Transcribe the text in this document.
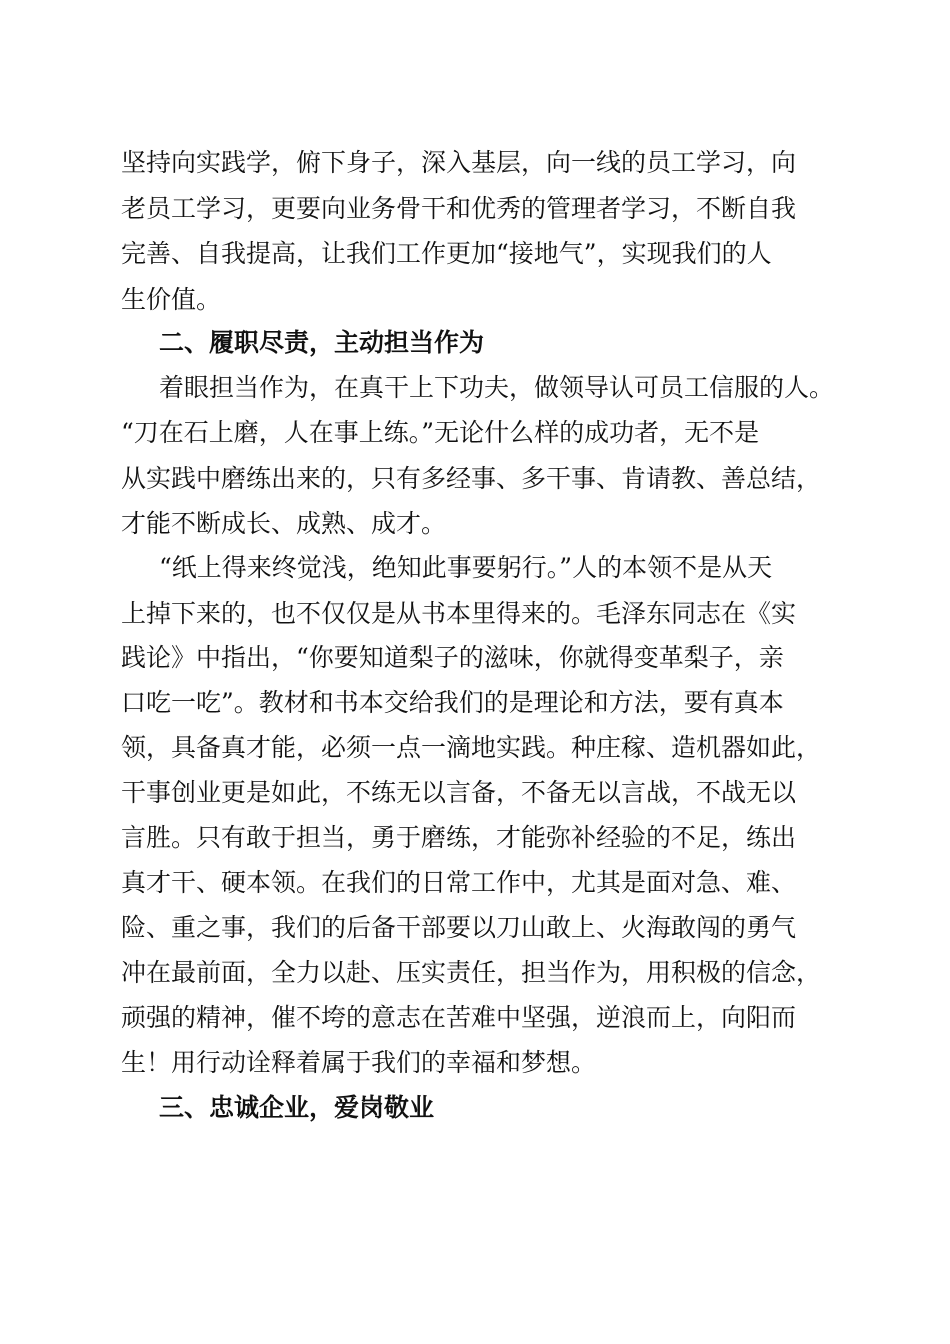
坚持向实践学，俯下身子，深入基层，向一线的员工学习，向

老员工学习，更要向业务骨干和优秀的管理者学习，不断自我

完善、自我提高，让我们工作更加“接地气”，实现我们的人

生价值。

二、履职尽责，主动担当作为

着眼担当作为，在真干上下功夫，做领导认可员工信服的人。

“刀在石上磨，人在事上练。”无论什么样的成功者，无不是

从实践中磨练出来的，只有多经事、多干事、肯请教、善总结，

才能不断成长、成熟、成才。

“纸上得来终觉浅，绝知此事要躬行。”人的本领不是从天

上掉下来的，也不仅仅是从书本里得来的。毛泽东同志在《实

践论》中指出，“你要知道梨子的滋味，你就得变革梨子，亲

口吃一吃”。教材和书本交给我们的是理论和方法，要有真本

领，具备真才能，必须一点一滴地实践。种庄稼、造机器如此，

干事创业更是如此，不练无以言备，不备无以言战，不战无以

言胜。只有敢于担当，勇于磨练，才能弥补经验的不足，练出

真才干、硬本领。在我们的日常工作中，尤其是面对急、难、

险、重之事，我们的后备干部要以刀山敢上、火海敢闯的勇气

冲在最前面，全力以赴、压实责任，担当作为，用积极的信念，

顽强的精神，催不垮的意志在苦难中坚强，逆浪而上，向阳而

生！用行动诠释着属于我们的幸福和梦想。

三、忠诚企业，爱岗敬业
